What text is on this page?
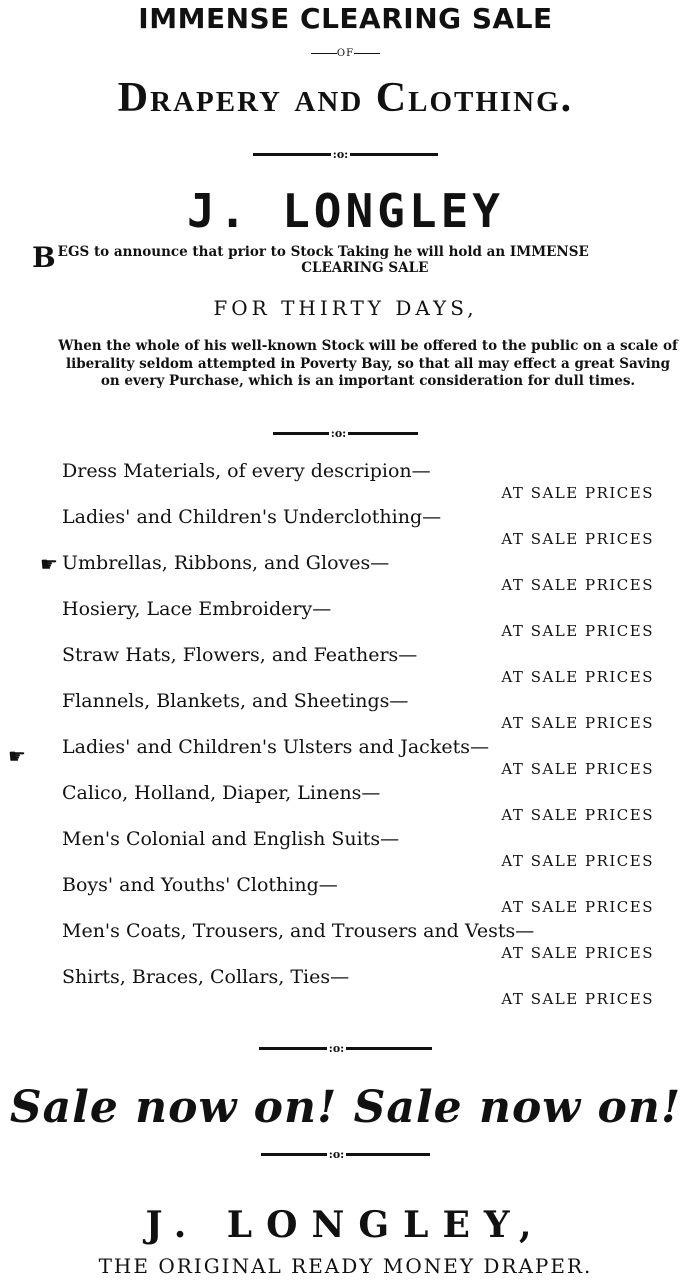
IMMENSE CLEARING SALE
OF
Drapery and Clothing.
:o:
J. LONGLEY
B EGS to announce that prior to Stock Taking he will hold an IMMENSE
CLEARING SALE
FOR THIRTY DAYS,
When the whole of his well-known Stock will be offered to the public on a scale of liberality seldom attempted in Poverty Bay, so that all may effect a great Saving on every Purchase, which is an important consideration for dull times.
:o:
Dress Materials, of every descripion—
AT SALE PRICES
Ladies' and Children's Underclothing—
AT SALE PRICES
Umbrellas, Ribbons, and Gloves—
AT SALE PRICES
Hosiery, Lace Embroidery—
AT SALE PRICES
Straw Hats, Flowers, and Feathers—
AT SALE PRICES
Flannels, Blankets, and Sheetings—
AT SALE PRICES
Ladies' and Children's Ulsters and Jackets—
AT SALE PRICES
Calico, Holland, Diaper, Linens—
AT SALE PRICES
Men's Colonial and English Suits—
AT SALE PRICES
Boys' and Youths' Clothing—
AT SALE PRICES
Men's Coats, Trousers, and Trousers and Vests—
AT SALE PRICES
Shirts, Braces, Collars, Ties—
AT SALE PRICES
☛
☛
:o:
Sale now on! Sale now on!
:o:
J. LONGLEY,
THE ORIGINAL READY MONEY DRAPER.
